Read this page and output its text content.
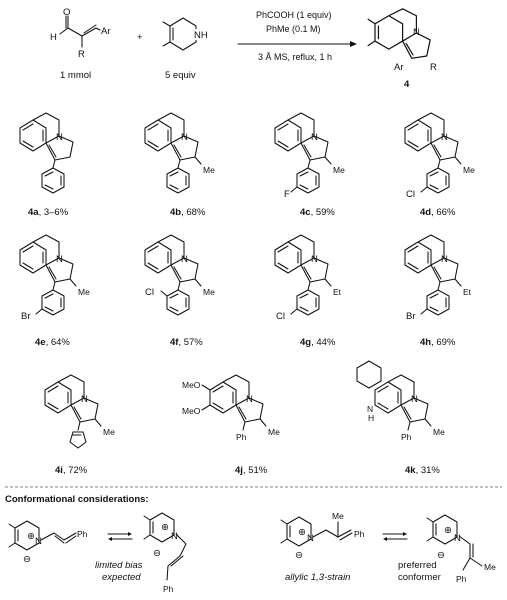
O
H
R
Ar
1 mmol
+	NH
5 equiv
PhCOOH (1 equiv)
PhMe (0.1 M)
3 Å MS, reflux, 1 h
N
Ar	R
4
N
4a, 3–6%
N
Me
4b, 68%
N
Me
F
4c, 59%
N
Me
Cl
4d, 66%
N
Me
Br
4e, 64%
N
Me
Cl
4f, 57%
N
Et
Cl
4g, 44%
N
Et
Br
4h, 69%
N
Me
4i, 72%
MeO
MeO
N
Ph	Me
4j, 51%
N
N
H
Ph	Me
4k, 31%
Conformational considerations:
N
⊕
⊖
Ph	N
⊕
⊖
Ph
limited bias
expected
N
⊕
⊖
Me
Ph
allylic 1,3-strain
N
⊕
⊖
Me
Ph
preferred
conformer
